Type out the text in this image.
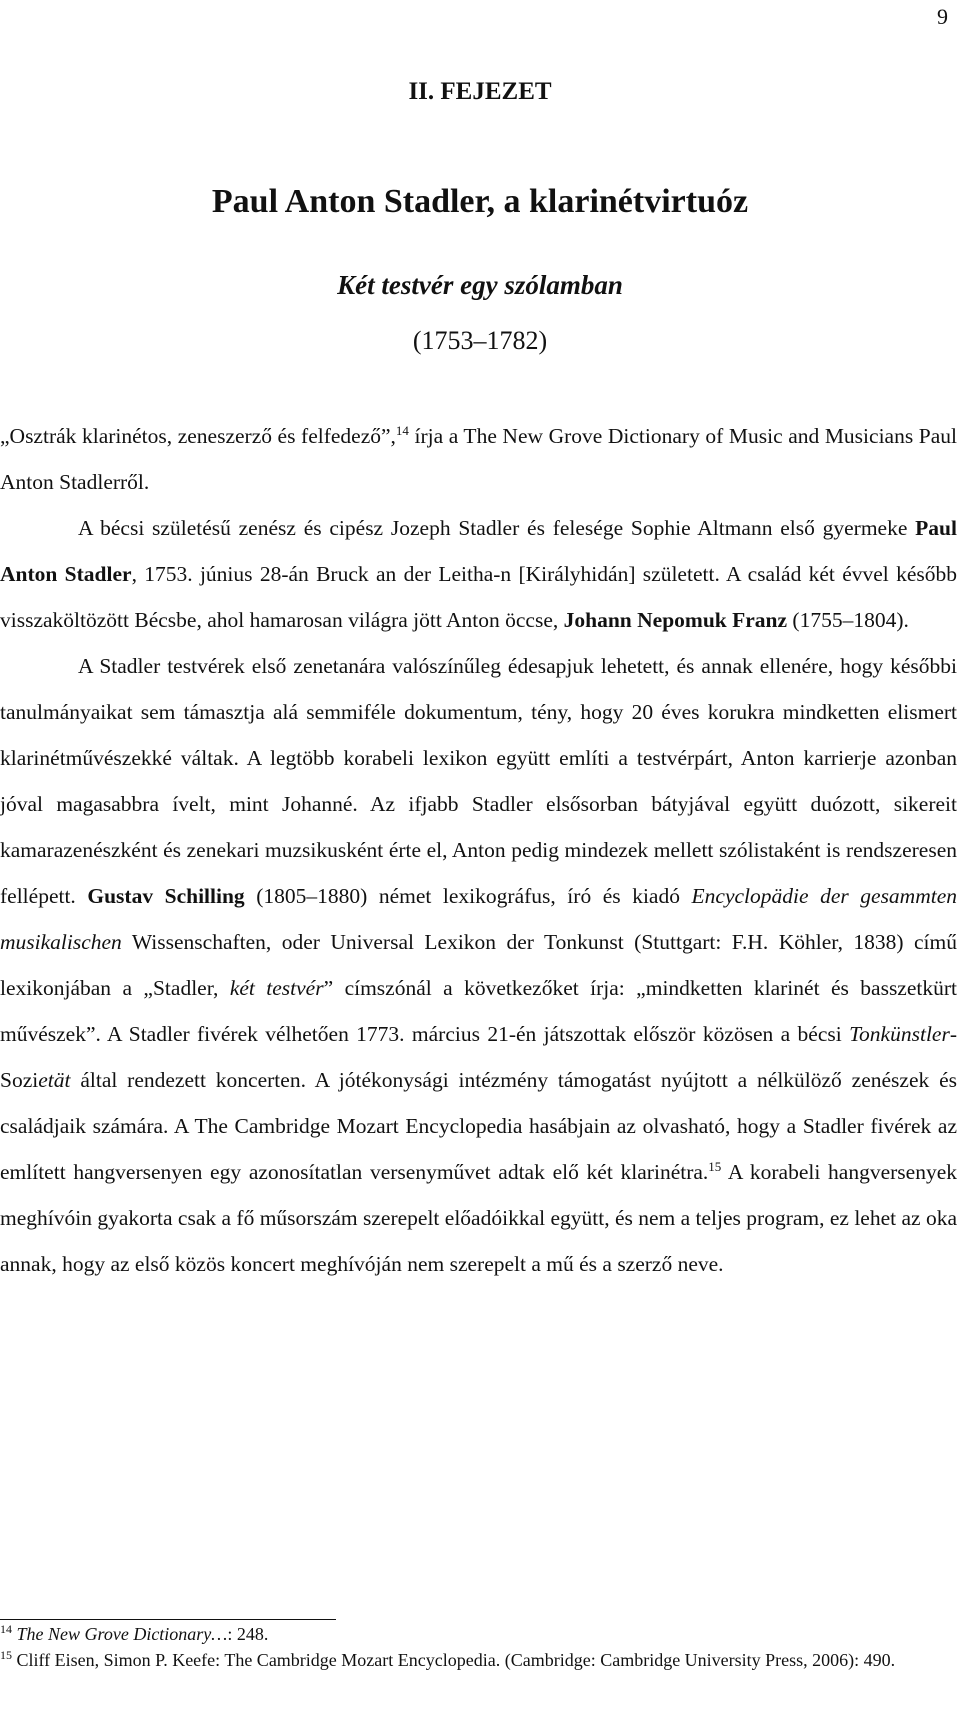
9
II. FEJEZET
Paul Anton Stadler, a klarinétvirtuóz
Két testvér egy szólamban
(1753–1782)

„Osztrák klarinétos, zeneszerző és felfedező”,$^{14}$ írja a The New Grove Dictionary of Music and Musicians Paul Anton Stadlerről.

A bécsi születésű zenész és cipész Jozeph Stadler és felesége Sophie Altmann első gyermeke Paul Anton Stadler, 1753. június 28-án Bruck an der Leitha-n [Királyhidán] született. A család két évvel később visszaköltözött Bécsbe, ahol hamarosan világra jött Anton öccse, Johann Nepomuk Franz (1755–1804).

A Stadler testvérek első zenetanára valószínűleg édesapjuk lehetett, és annak ellenére, hogy későbbi tanulmányaikat sem támasztja alá semmiféle dokumentum, tény, hogy 20 éves korukra mindketten elismert klarinétművészekké váltak. A legtöbb korabeli lexikon együtt említi a testvérpárt, Anton karrierje azonban jóval magasabbra ívelt, mint Johanné. Az ifjabb Stadler elsősorban bátyjával együtt duózott, sikereit kamarazenészként és zenekari muzsikusként érte el, Anton pedig mindezek mellett szólistaként is rendszeresen fellépett. Gustav Schilling (1805–1880) német lexikográfus, író és kiadó Encyclopädie der gesammten musikalischen Wissenschaften, oder Universal Lexikon der Tonkunst (Stuttgart: F.H. Köhler, 1838) című lexikonjában a „Stadler, két testvér” címszónál a következőket írja: „mindketten klarinét és basszetkürt művészek”. A Stadler fivérek vélhetően 1773. március 21-én játszottak először közösen a bécsi Tonkünstler-Sozietät által rendezett koncerten. A jótékonysági intézmény támogatást nyújtott a nélkülöző zenészek és családjaik számára. A The Cambridge Mozart Encyclopedia hasábjain az olvasható, hogy a Stadler fivérek az említett hangversenyen egy azonosítatlan versenyművet adtak elő két klarinétra.$^{15}$ A korabeli hangversenyek meghívóin gyakorta csak a fő műsorszám szerepelt előadóikkal együtt, és nem a teljes program, ez lehet az oka annak, hogy az első közös koncert meghívóján nem szerepelt a mű és a szerző neve.

$^{14}$ The New Grove Dictionary…: 248.
$^{15}$ Cliff Eisen, Simon P. Keefe: The Cambridge Mozart Encyclopedia. (Cambridge: Cambridge University Press, 2006): 490.
